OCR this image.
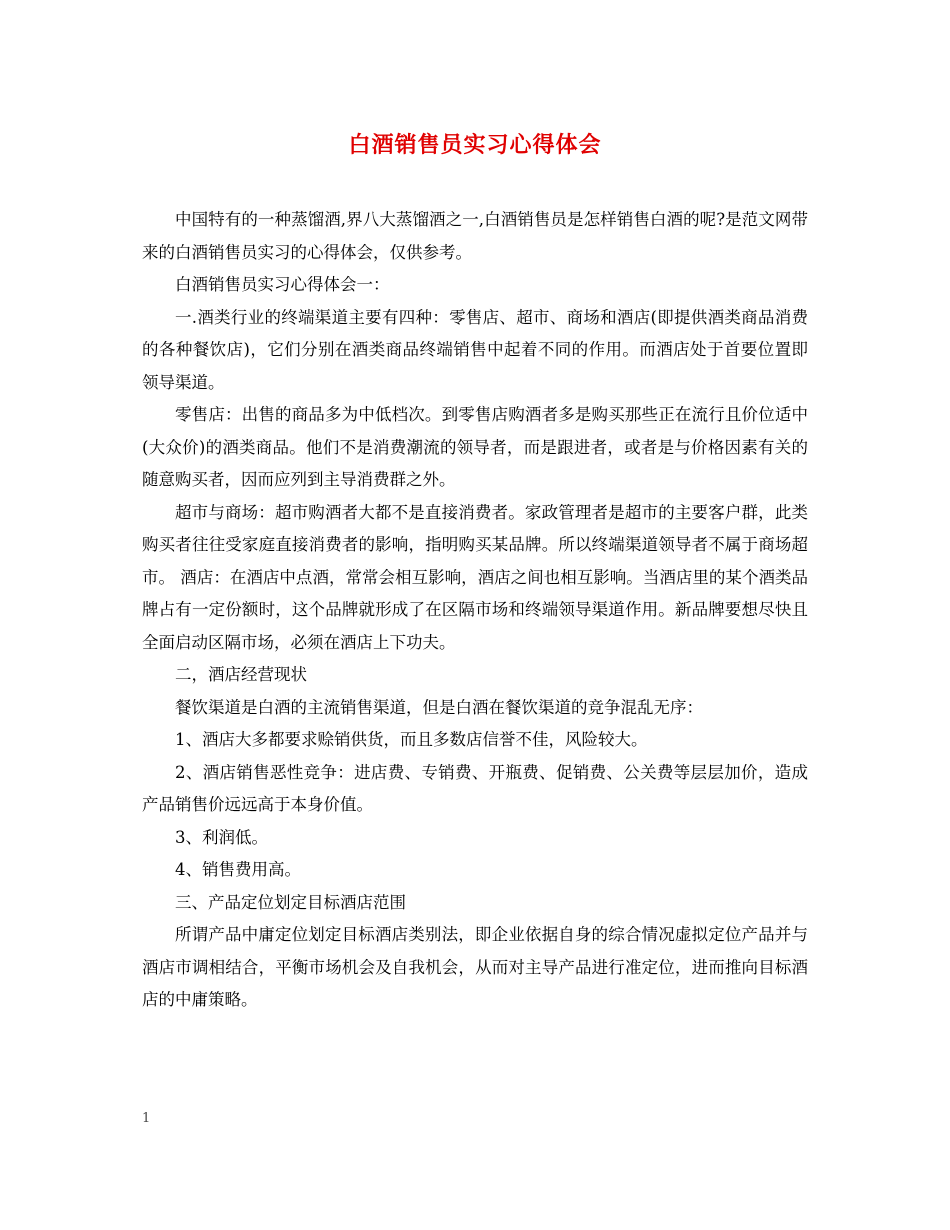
白酒销售员实习心得体会

中国特有的一种蒸馏酒,界八大蒸馏酒之一,白酒销售员是怎样销售白酒的呢?是范文网带来的白酒销售员实习的心得体会，仅供参考。

白酒销售员实习心得体会一：

一.酒类行业的终端渠道主要有四种：零售店、超市、商场和酒店(即提供酒类商品消费的各种餐饮店)，它们分别在酒类商品终端销售中起着不同的作用。而酒店处于首要位置即领导渠道。

零售店：出售的商品多为中低档次。到零售店购酒者多是购买那些正在流行且价位适中(大众价)的酒类商品。他们不是消费潮流的领导者，而是跟进者，或者是与价格因素有关的随意购买者，因而应列到主导消费群之外。

超市与商场：超市购酒者大都不是直接消费者。家政管理者是超市的主要客户群，此类购买者往往受家庭直接消费者的影响，指明购买某品牌。所以终端渠道领导者不属于商场超市。 酒店：在酒店中点酒，常常会相互影响，酒店之间也相互影响。当酒店里的某个酒类品牌占有一定份额时，这个品牌就形成了在区隔市场和终端领导渠道作用。新品牌要想尽快且全面启动区隔市场，必须在酒店上下功夫。

二，酒店经营现状

餐饮渠道是白酒的主流销售渠道，但是白酒在餐饮渠道的竞争混乱无序：

1、酒店大多都要求赊销供货，而且多数店信誉不佳，风险较大。

2、酒店销售恶性竞争：进店费、专销费、开瓶费、促销费、公关费等层层加价，造成产品销售价远远高于本身价值。

3、利润低。

4、销售费用高。

三、产品定位划定目标酒店范围

所谓产品中庸定位划定目标酒店类别法，即企业依据自身的综合情况虚拟定位产品并与酒店市调相结合，平衡市场机会及自我机会，从而对主导产品进行准定位，进而推向目标酒店的中庸策略。

1
